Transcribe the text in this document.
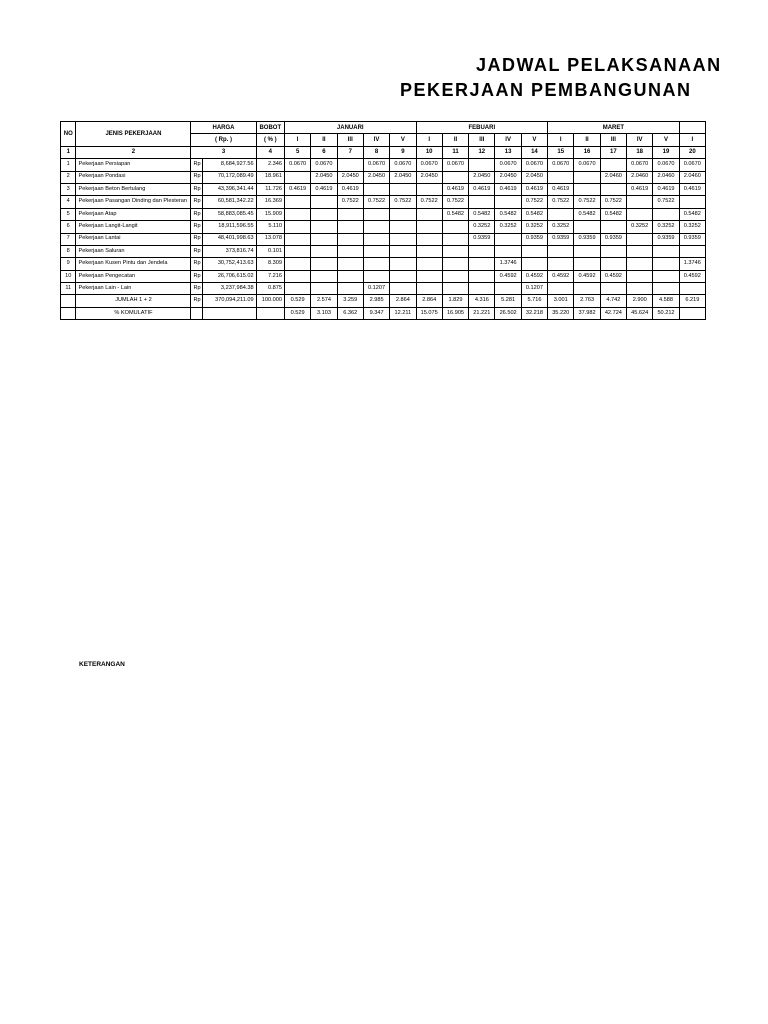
JADWAL PELAKSANAAN
PEKERJAAN PEMBANGUNAN
NO	JENIS PEKERJAAN	HARGA		BOBOT	JANUARI					FEBUARI					MARET					
		( Rp. )		( % )	I	II	III	IV	V	I	II	III	IV	V	I	II	III	IV	V	I
1	2	3		4	5	6	7	8	9	10	11	12	13	14	15	16	17	18	19	20
1	Pekerjaan Persiapan	Rp	8,684,927.56	2.346	0.0670	0.0670		0.0670	0.0670	0.0670	0.0670		0.0670	0.0670	0.0670	0.0670		0.0670	0.0670	0.0670
2	Pekerjaan Pondasi	Rp	70,172,089.49	18.961		2.0450	2.0450	2.0450	2.0450	2.0450		2.0450	2.0450	2.0450			2.0460	2.0460	2.0460	2.0460
3	Pekerjaan Beton Bertulang	Rp	43,396,341.44	11.726	0.4619	0.4619	0.4619				0.4619	0.4619	0.4619	0.4619	0.4619			0.4619	0.4619	0.4619
4	Pekerjaan Pasangan Dinding dan Plesteran	Rp	60,581,342.22	16.369			0.7522	0.7522	0.7522	0.7522	0.7522			0.7522	0.7522	0.7522	0.7522		0.7522	
5	Pekerjaan Atap	Rp	58,883,085.45	15.909							0.5482	0.5482	0.5482	0.5482		0.5482	0.5482			0.5482
6	Pekerjaan Langit-Langit	Rp	18,911,596.55	5.110								0.3252	0.3252	0.3252	0.3252			0.3252	0.3252	0.3252
7	Pekerjaan Lantai	Rp	48,401,998.63	13.078								0.9359		0.9359	0.9359	0.9359	0.9359		0.9359	0.9359
8	Pekerjaan Saluran	Rp	373,816.74	0.101																
9	Pekerjaan Kusen Pintu dan Jendela	Rp	30,752,413.63	8.309									1.3746							1.3746
10	Pekerjaan Pengecatan	Rp	26,706,615.02	7.216									0.4592	0.4592	0.4592	0.4592	0.4592			0.4592
11	Pekerjaan Lain - Lain	Rp	3,237,984.38	0.875				0.1207						0.1207						
	JUMLAH 1 + 2	Rp	370,094,211.09	100.000	0.529	2.574	3.259	2.985	2.864	2.864	1.829	4.316	5.281	5.716	3.001	2.763	4.742	2.900	4.588	6.219
	% KOMULATIF				0.529	3.103	6.362	9.347	12.211	15.075	16.905	21.221	26.502	32.218	35.220	37.982	42.724	45.624	50.212	
KETERANGAN
